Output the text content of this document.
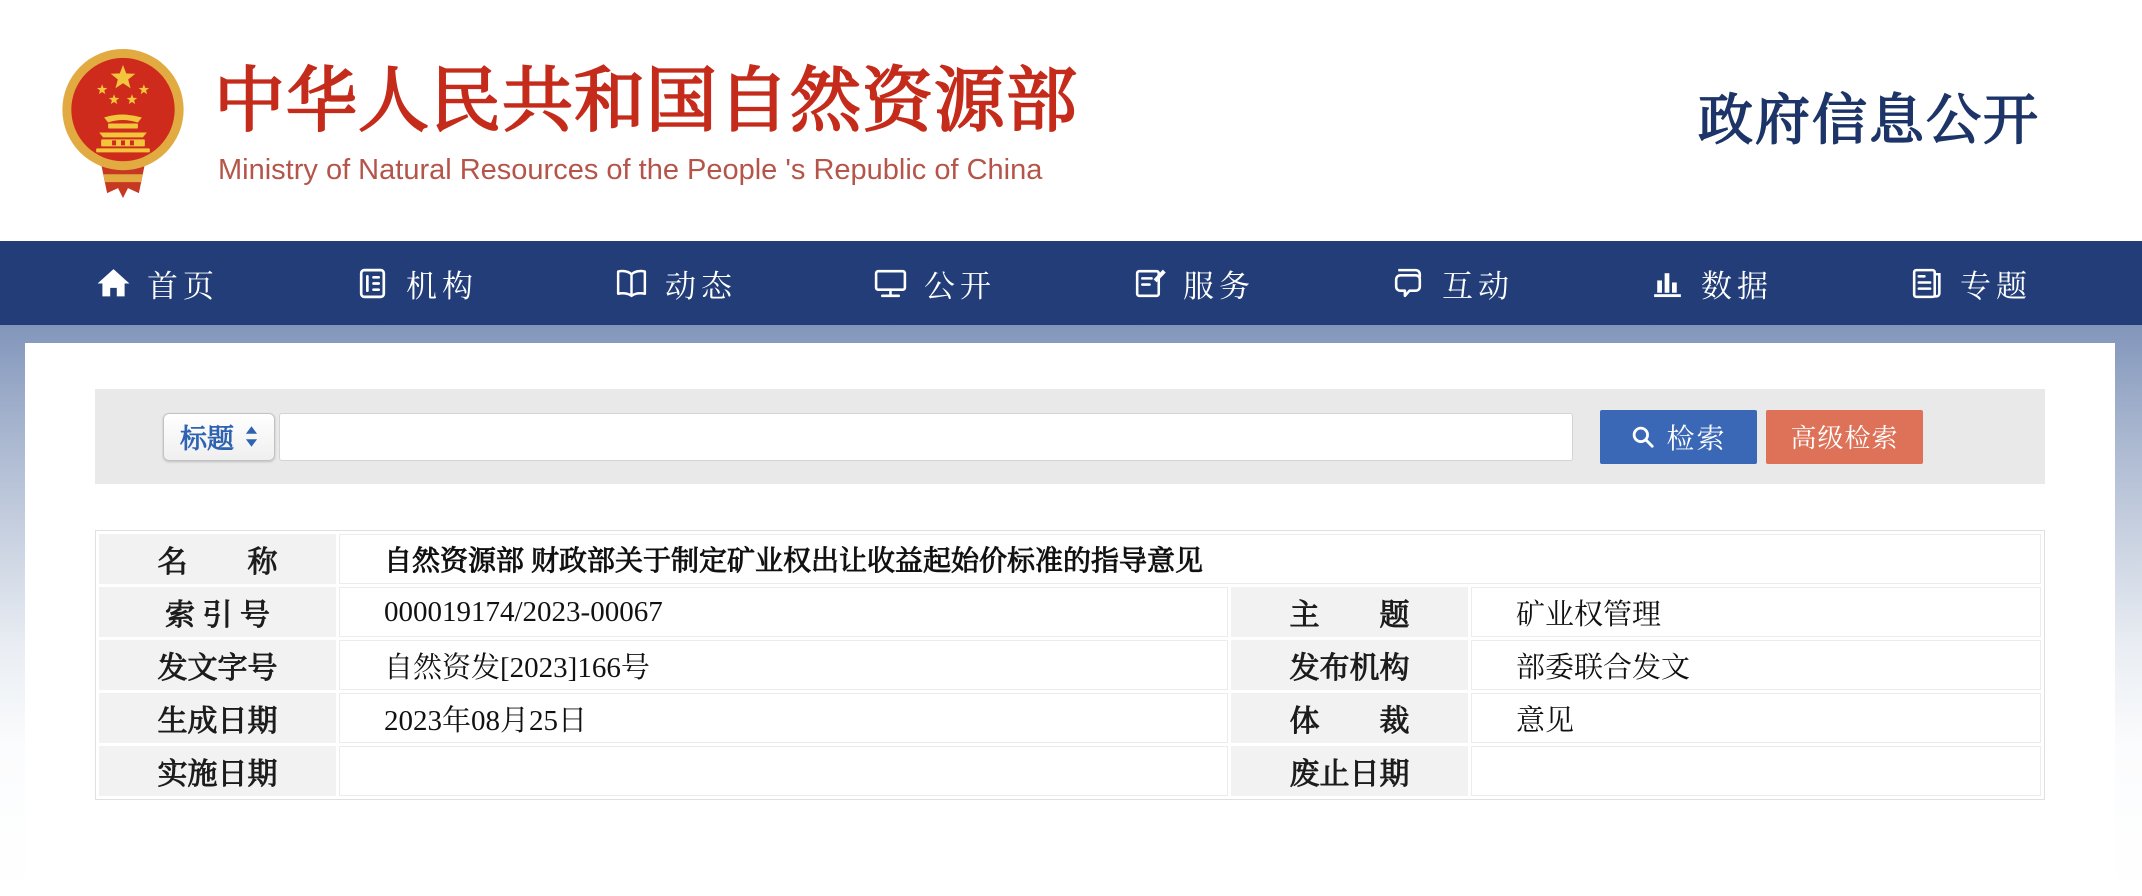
中华人民共和国自然资源部
Ministry of Natural Resources of the People 's Republic of China
政府信息公开
首页	机构	动态	公开	服务	互动	数据	专题
标题	检索	高级检索
名　　称	自然资源部 财政部关于制定矿业权出让收益起始价标准的指导意见		
索 引 号	000019174/2023-00067	主　　题	矿业权管理
发文字号	自然资发[2023]166号	发布机构	部委联合发文
生成日期	2023年08月25日	体　　裁	意见
实施日期		废止日期	
